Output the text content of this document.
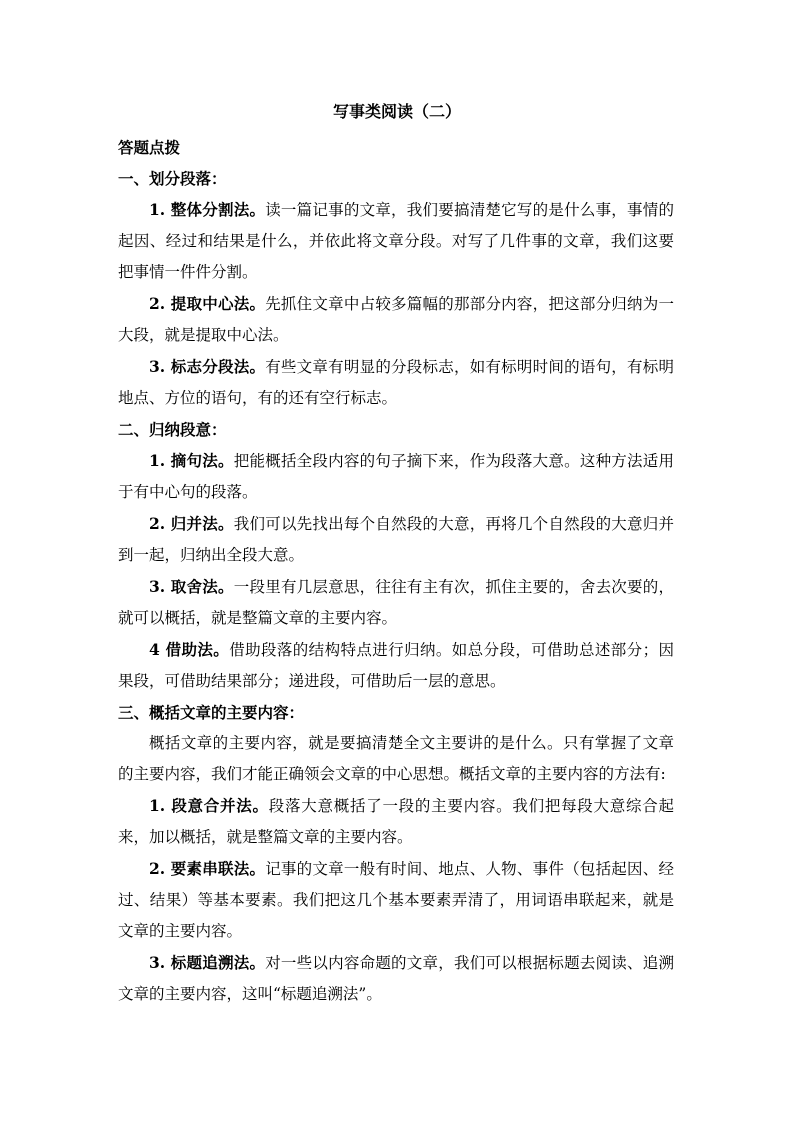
写事类阅读（二）

答题点拨

一、划分段落：

1. 整体分割法。读一篇记事的文章，我们要搞清楚它写的是什么事，事情的起因、经过和结果是什么，并依此将文章分段。对写了几件事的文章，我们这要把事情一件件分割。

2. 提取中心法。先抓住文章中占较多篇幅的那部分内容，把这部分归纳为一大段，就是提取中心法。

3. 标志分段法。有些文章有明显的分段标志，如有标明时间的语句，有标明地点、方位的语句，有的还有空行标志。

二、归纳段意：

1. 摘句法。把能概括全段内容的句子摘下来，作为段落大意。这种方法适用于有中心句的段落。

2. 归并法。我们可以先找出每个自然段的大意，再将几个自然段的大意归并到一起，归纳出全段大意。

3. 取舍法。一段里有几层意思，往往有主有次，抓住主要的，舍去次要的，就可以概括，就是整篇文章的主要内容。

4 借助法。借助段落的结构特点进行归纳。如总分段，可借助总述部分；因果段，可借助结果部分；递进段，可借助后一层的意思。

三、概括文章的主要内容：

概括文章的主要内容，就是要搞清楚全文主要讲的是什么。只有掌握了文章的主要内容，我们才能正确领会文章的中心思想。概括文章的主要内容的方法有:

1. 段意合并法。段落大意概括了一段的主要内容。我们把每段大意综合起来，加以概括，就是整篇文章的主要内容。

2. 要素串联法。记事的文章一般有时间、地点、人物、事件（包括起因、经过、结果）等基本要素。我们把这几个基本要素弄清了，用词语串联起来，就是文章的主要内容。

3. 标题追溯法。对一些以内容命题的文章，我们可以根据标题去阅读、追溯文章的主要内容，这叫“标题追溯法”。
